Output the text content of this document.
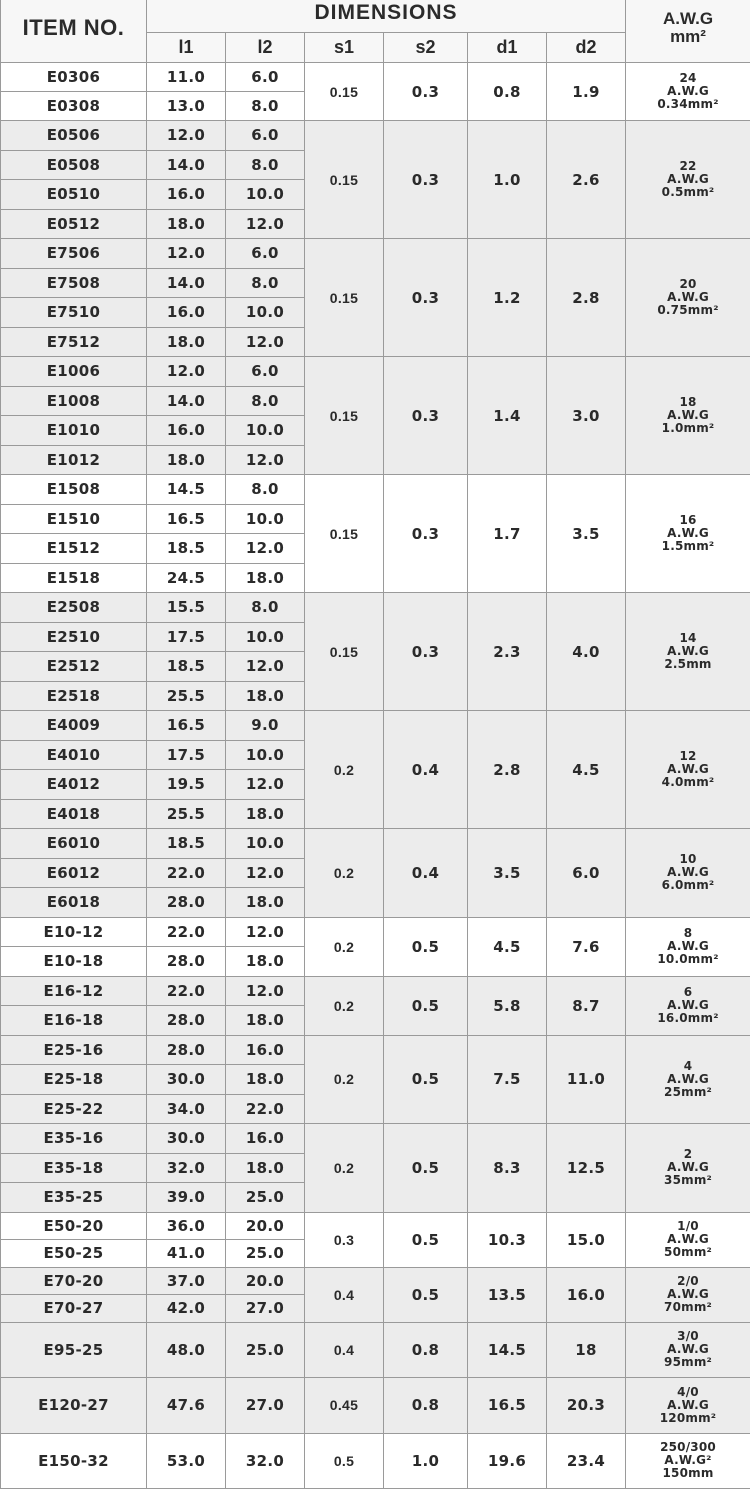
ITEM NO.	DIMENSIONS						A.W.G
mm²

	l1	l2	s1	s2	d1	d2	
E0306	11.0	6.0	0.15	0.3	0.8	1.9	24
A.W.G
0.34mm²

E0308	13.0	8.0					
E0506	12.0	6.0	0.15	0.3	1.0	2.6	22
A.W.G
0.5mm²

E0508	14.0	8.0					
E0510	16.0	10.0					
E0512	18.0	12.0					
E7506	12.0	6.0	0.15	0.3	1.2	2.8	20
A.W.G
0.75mm²

E7508	14.0	8.0					
E7510	16.0	10.0					
E7512	18.0	12.0					
E1006	12.0	6.0	0.15	0.3	1.4	3.0	18
A.W.G
1.0mm²

E1008	14.0	8.0					
E1010	16.0	10.0					
E1012	18.0	12.0					
E1508	14.5	8.0	0.15	0.3	1.7	3.5	16
A.W.G
1.5mm²

E1510	16.5	10.0					
E1512	18.5	12.0					
E1518	24.5	18.0					
E2508	15.5	8.0	0.15	0.3	2.3	4.0	14
A.W.G
2.5mm

E2510	17.5	10.0					
E2512	18.5	12.0					
E2518	25.5	18.0					
E4009	16.5	9.0	0.2	0.4	2.8	4.5	12
A.W.G
4.0mm²

E4010	17.5	10.0					
E4012	19.5	12.0					
E4018	25.5	18.0					
E6010	18.5	10.0	0.2	0.4	3.5	6.0	10
A.W.G
6.0mm²

E6012	22.0	12.0					
E6018	28.0	18.0					
E10-12	22.0	12.0	0.2	0.5	4.5	7.6	8
A.W.G
10.0mm²

E10-18	28.0	18.0					
E16-12	22.0	12.0	0.2	0.5	5.8	8.7	6
A.W.G
16.0mm²

E16-18	28.0	18.0					
E25-16	28.0	16.0	0.2	0.5	7.5	11.0	4
A.W.G
25mm²

E25-18	30.0	18.0					
E25-22	34.0	22.0					
E35-16	30.0	16.0	0.2	0.5	8.3	12.5	2
A.W.G
35mm²

E35-18	32.0	18.0					
E35-25	39.0	25.0					
E50-20	36.0	20.0	0.3	0.5	10.3	15.0	1/0
A.W.G
50mm²

E50-25	41.0	25.0					
E70-20	37.0	20.0	0.4	0.5	13.5	16.0	2/0
A.W.G
70mm²

E70-27	42.0	27.0					
E95-25	48.0	25.0	0.4	0.8	14.5	18	3/0
A.W.G
95mm²

E120-27	47.6	27.0	0.45	0.8	16.5	20.3	4/0
A.W.G
120mm²

E150-32	53.0	32.0	0.5	1.0	19.6	23.4	250/300
A.W.G²
150mm
